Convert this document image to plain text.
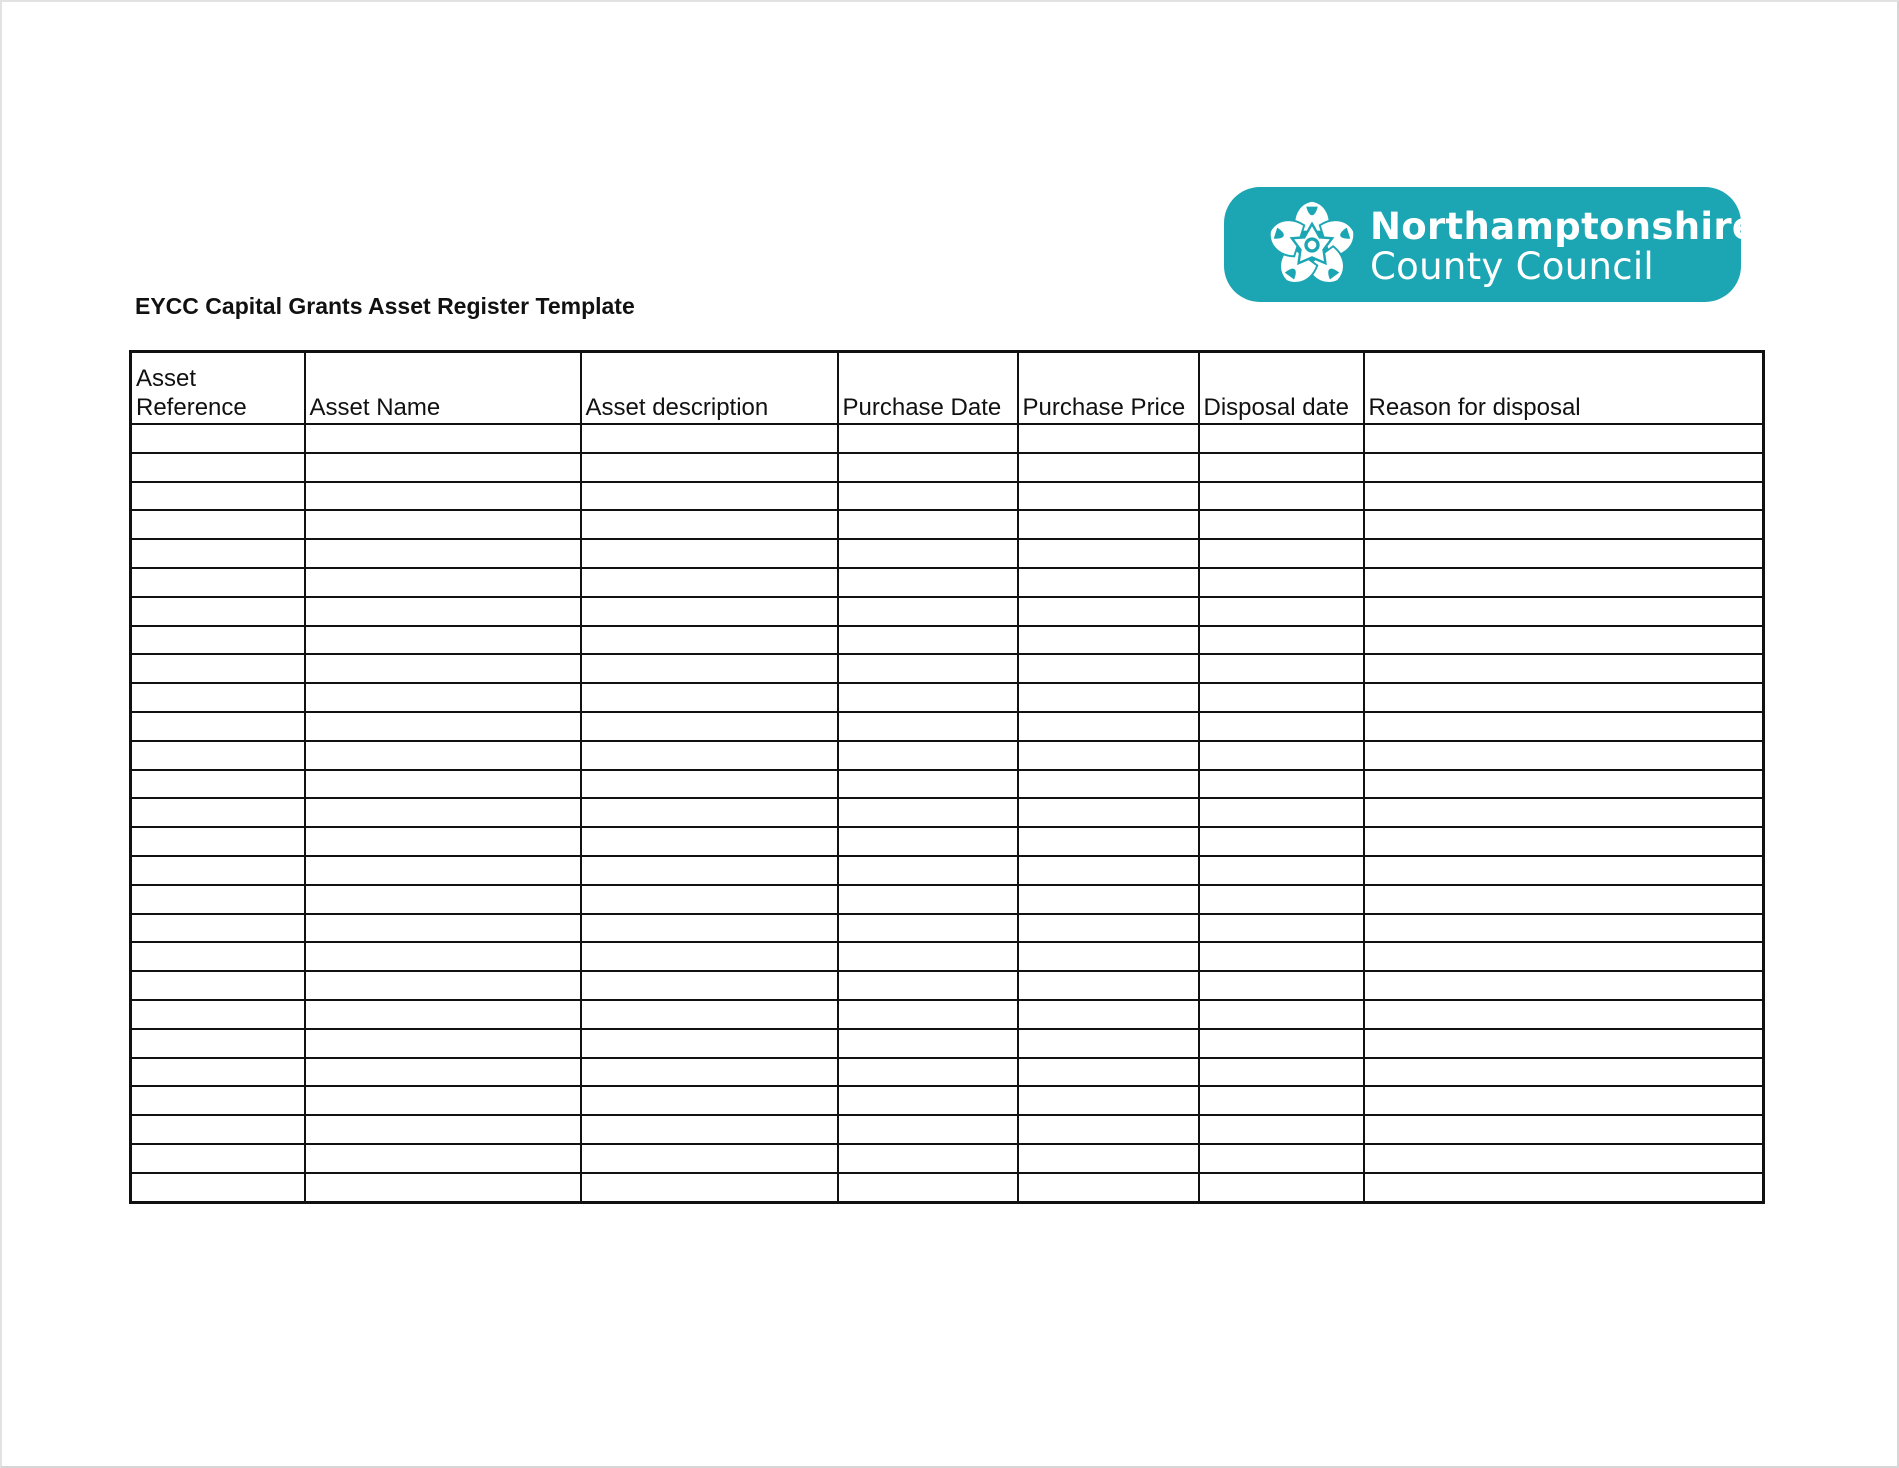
Northamptonshire
County Council
EYCC Capital Grants Asset Register Template
Asset
Reference	Asset Name	Asset description	Purchase Date	Purchase Price	Disposal date	Reason for disposal
